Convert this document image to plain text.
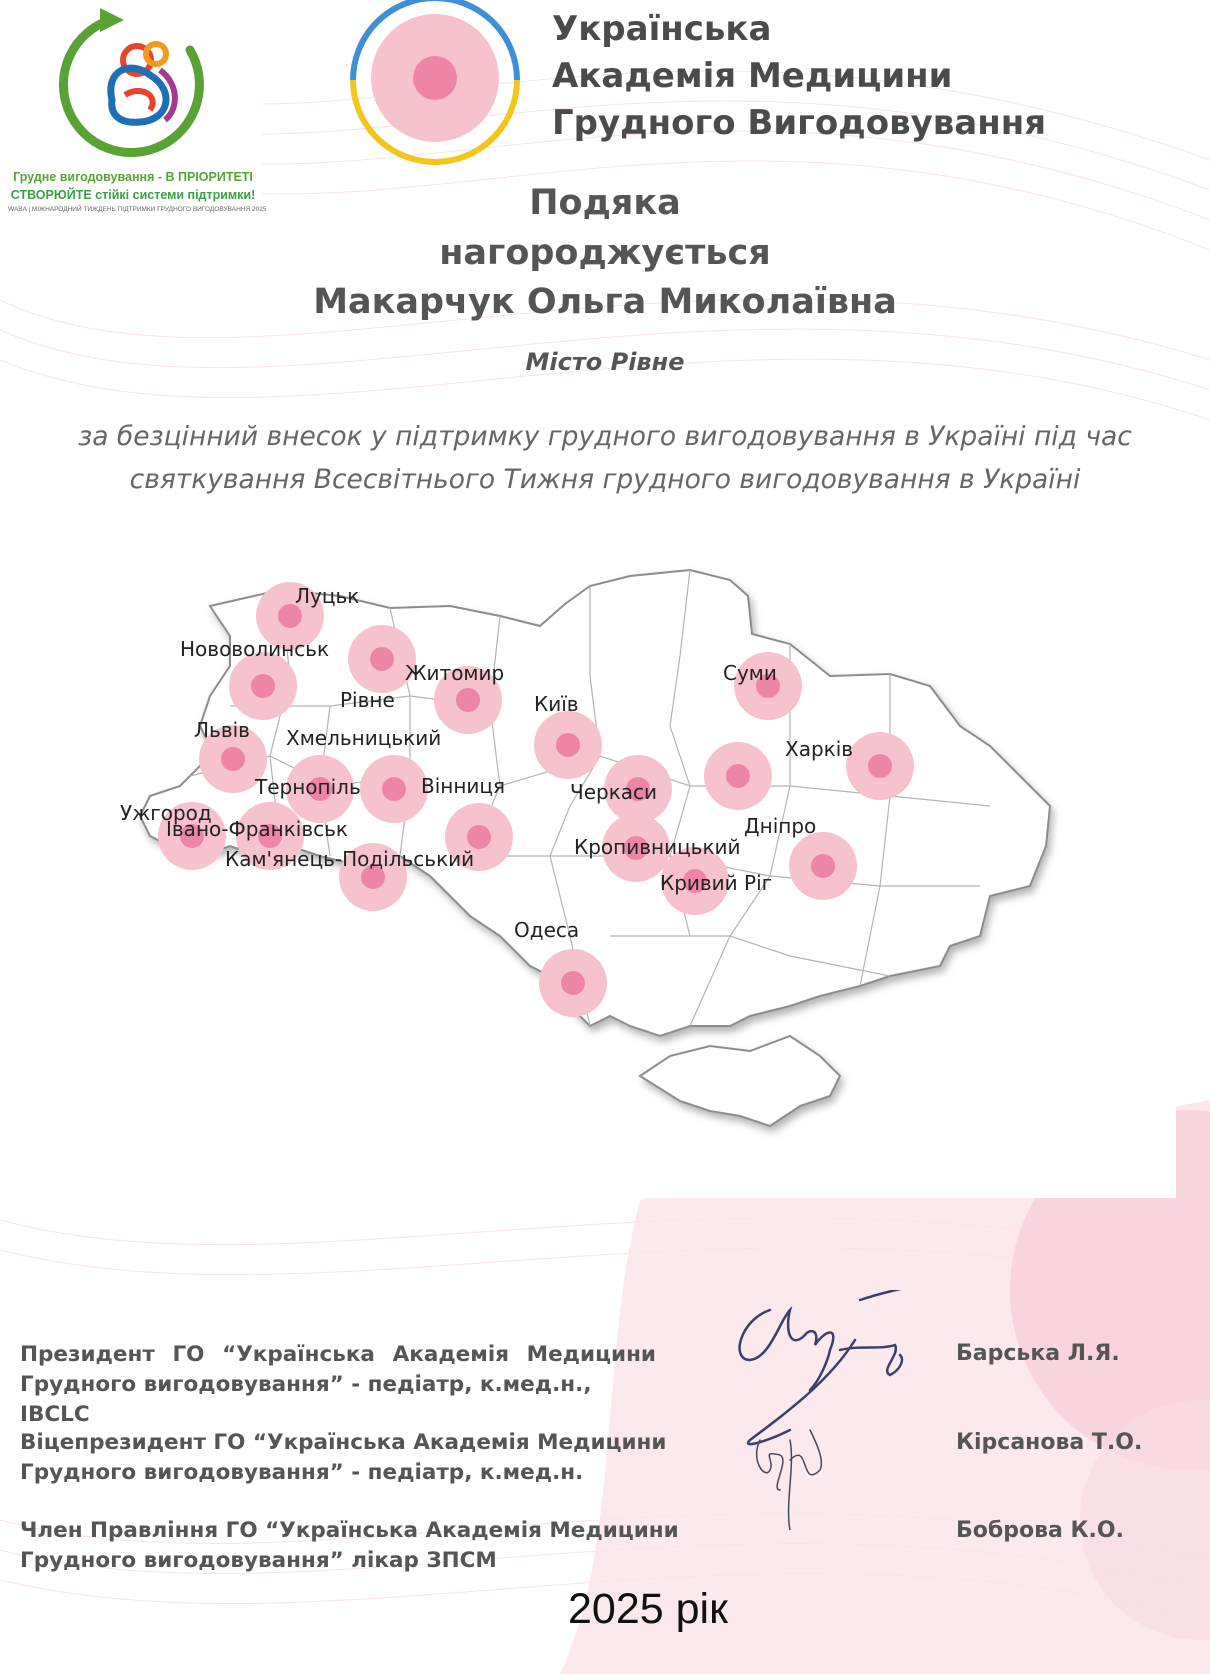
Грудне вигодовування - В ПРІОРИТЕТІ
СТВОРЮЙТЕ стійкі системи підтримки!
WABA | МІЖНАРОДНИЙ ТИЖДЕНЬ ПІДТРИМКИ ГРУДНОГО ВИГОДОВУВАННЯ 2025
Українська
Академія Медицини
Грудного Вигодовування
Подяка
нагороджується
Макарчук Ольга Миколаївна
Місто Рівне
за безцінний внесок у підтримку грудного вигодовування в Україні під час
святкування Всесвітнього Тижня грудного вигодовування в Україні
Луцьк
Нововолинськ
Рівне
Житомир
Київ
Суми
Харків
Львів Хмельницький
Тернопіль	Вінниця	Черкаси
Ужгород
Івано-Франківськ
Кам'янець-Подільський	Кропивницький
Дніпро
Кривий Ріг
Одеса
Президент ГО “Українська Академія Медицини
Грудного вигодовування” - педіатр, к.мед.н., IBCLC
Барська Л.Я.
Віцепрезидент ГО “Українська Академія Медицини
Грудного вигодовування” - педіатр, к.мед.н.
Кірсанова Т.О.
Член Правління ГО “Українська Академія Медицини
Грудного вигодовування” лікар ЗПСМ
Боброва К.О.
2025 рік
